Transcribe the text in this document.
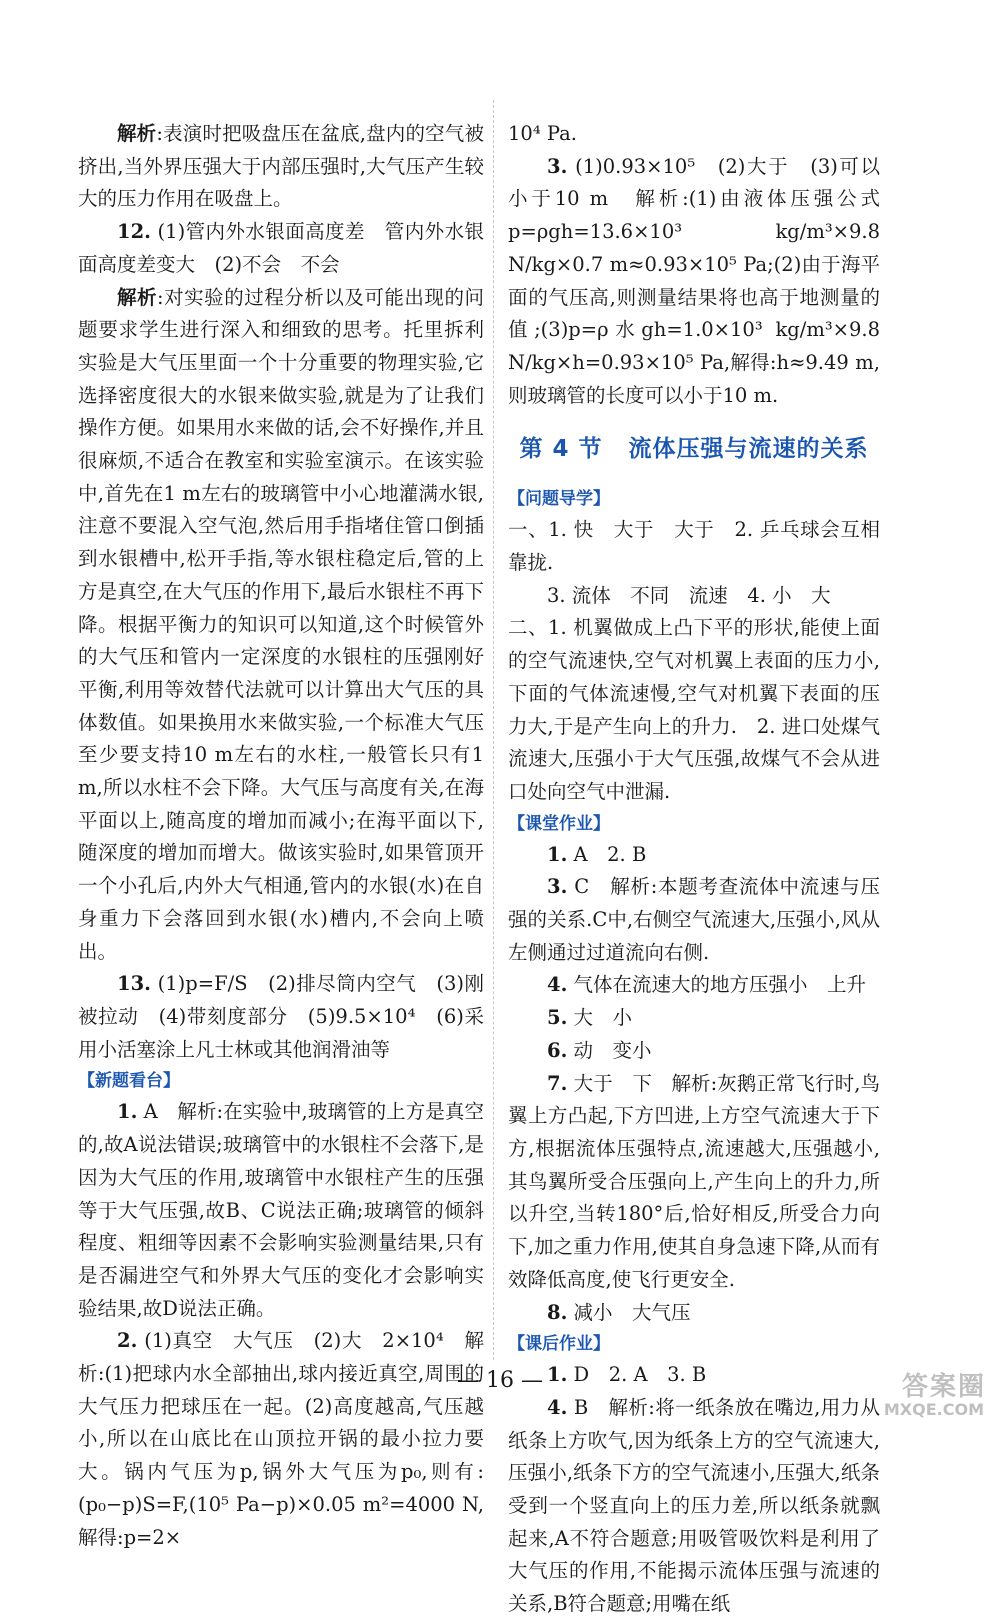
解析:表演时把吸盘压在盆底,盘内的空气被挤出,当外界压强大于内部压强时,大气压产生较大的压力作用在吸盘上。

12. (1)管内外水银面高度差　管内外水银面高度差变大　(2)不会　不会

解析:对实验的过程分析以及可能出现的问题要求学生进行深入和细致的思考。托里拆利实验是大气压里面一个十分重要的物理实验,它选择密度很大的水银来做实验,就是为了让我们操作方便。如果用水来做的话,会不好操作,并且很麻烦,不适合在教室和实验室演示。在该实验中,首先在1 m左右的玻璃管中小心地灌满水银,注意不要混入空气泡,然后用手指堵住管口倒插到水银槽中,松开手指,等水银柱稳定后,管的上方是真空,在大气压的作用下,最后水银柱不再下降。根据平衡力的知识可以知道,这个时候管外的大气压和管内一定深度的水银柱的压强刚好平衡,利用等效替代法就可以计算出大气压的具体数值。如果换用水来做实验,一个标准大气压至少要支持10 m左右的水柱,一般管长只有1 m,所以水柱不会下降。大气压与高度有关,在海平面以上,随高度的增加而减小;在海平面以下,随深度的增加而增大。做该实验时,如果管顶开一个小孔后,内外大气相通,管内的水银(水)在自身重力下会落回到水银(水)槽内,不会向上喷出。

13. (1)p=F/S　(2)排尽筒内空气　(3)刚被拉动　(4)带刻度部分　(5)9.5×10⁴　(6)采用小活塞涂上凡士林或其他润滑油等

【新题看台】

1. A　解析:在实验中,玻璃管的上方是真空的,故A说法错误;玻璃管中的水银柱不会落下,是因为大气压的作用,玻璃管中水银柱产生的压强等于大气压强,故B、C说法正确;玻璃管的倾斜程度、粗细等因素不会影响实验测量结果,只有是否漏进空气和外界大气压的变化才会影响实验结果,故D说法正确。

2. (1)真空　大气压　(2)大　2×10⁴　解析:(1)把球内水全部抽出,球内接近真空,周围的大气压力把球压在一起。(2)高度越高,气压越小,所以在山底比在山顶拉开锅的最小拉力要大。锅内气压为p,锅外大气压为p₀,则有:(p₀−p)S=F,(10⁵ Pa−p)×0.05 m²=4000 N,解得:p=2×

10⁴ Pa.

3. (1)0.93×10⁵　(2)大于　(3)可以小于10 m　解析:(1)由液体压强公式p=ρgh=13.6×10³ kg/m³×9.8 N/kg×0.7 m≈0.93×10⁵ Pa;(2)由于海平面的气压高,则测量结果将也高于地测量的值;(3)p=ρ水gh=1.0×10³ kg/m³×9.8 N/kg×h=0.93×10⁵ Pa,解得:h≈9.49 m,则玻璃管的长度可以小于10 m.

第 4 节 流体压强与流速的关系
【问题导学】

一、1. 快　大于　大于　2. 乒乓球会互相靠拢.

3. 流体　不同　流速　4. 小　大

二、1. 机翼做成上凸下平的形状,能使上面的空气流速快,空气对机翼上表面的压力小,下面的气体流速慢,空气对机翼下表面的压力大,于是产生向上的升力.　2. 进口处煤气流速大,压强小于大气压强,故煤气不会从进口处向空气中泄漏.

【课堂作业】

1. A　2. B

3. C　解析:本题考查流体中流速与压强的关系.C中,右侧空气流速大,压强小,风从左侧通过过道流向右侧.

4. 气体在流速大的地方压强小　上升

5. 大　小

6. 动　变小

7. 大于　下　解析:灰鹅正常飞行时,鸟翼上方凸起,下方凹进,上方空气流速大于下方,根据流体压强特点,流速越大,压强越小,其鸟翼所受合压强向上,产生向上的升力,所以升空,当转180°后,恰好相反,所受合力向下,加之重力作用,使其自身急速下降,从而有效降低高度,使飞行更安全.

8. 减小　大气压

【课后作业】

1. D　2. A　3. B

4. B　解析:将一纸条放在嘴边,用力从纸条上方吹气,因为纸条上方的空气流速大,压强小,纸条下方的空气流速小,压强大,纸条受到一个竖直向上的压力差,所以纸条就飘起来,A不符合题意;用吸管吸饮料是利用了大气压的作用,不能揭示流体压强与流速的关系,B符合题意;用嘴在纸

— 16 —	答案圈
MXQE.COM
